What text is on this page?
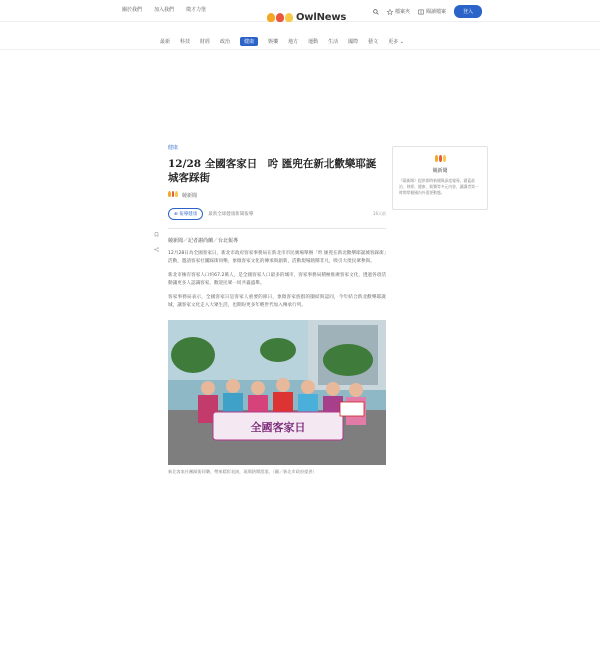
關於我們 加入我們 徵才力堡	檔案夾	閱讀檔案	登入
OwlNews
最新 科技 財經 政治	健康	娛樂 地方 運動 生活 國際 藝文 更多 ⌄
健康
12/28 全國客家日　𠯋 匯兜在新北歡樂耶誕城客踩街
競新聞
⊕ 報導健康	最新全球健康新聞報導	16天前
競新聞／記者謝尚蘭／台北報導

12月28日為全國客家日，新北市政府客家事務局在新北市市民廣場舉辦「𠯋 匯兜在新北歡樂耶誕城客踩街」活動，邀請客家社團踩街同樂，象徵客家文化的傳承與創新，活動現場熱鬧非凡，吸引大批民眾參與。

新北市擁有客家人口約67.2萬人，是全國客家人口最多的城市，客家事務局積極推廣客家文化，透過各項活動讓更多人認識客家，歡迎民眾一同共襄盛舉。

客家事務局表示，全國客家日是客家人重要的節日，象徵客家族群的團結與認同，今年結合新北歡樂耶誕城，讓客家文化走入大眾生活，也期盼更多年輕世代加入傳承行列。

全國客家日
新北客家社團踩街同樂，帶來精彩表演，現場熱鬧滾滾。（圖／新北市政府提供）
競新聞
《競新聞》提供即時新聞與深度報導，涵蓋政治、財經、健康、娛樂等多元內容，讓讀者第一時間掌握國內外重要動態。
